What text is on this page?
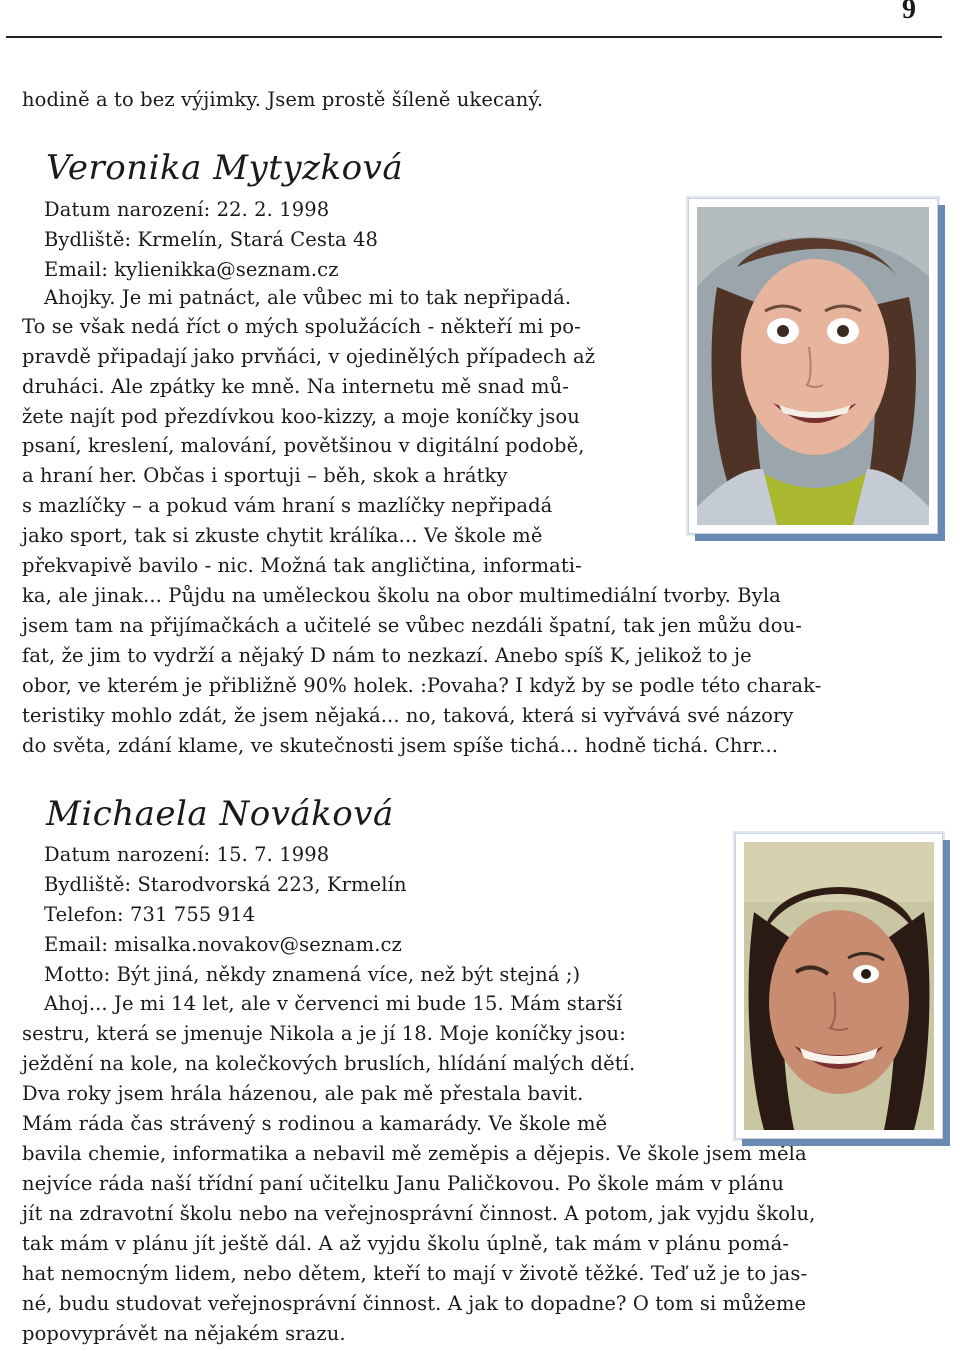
9
hodině a to bez výjimky. Jsem prostě šíleně ukecaný.
Veronika Mytyzková
Datum narození: 22. 2. 1998
Bydliště: Krmelín, Stará Cesta 48
Email: kylienikka@seznam.cz
Ahojky. Je mi patnáct, ale vůbec mi to tak nepřipadá.
To se však nedá říct o mých spolužácích - někteří mi po-
pravdě připadají jako prvňáci, v ojedinělých případech až
druháci. Ale zpátky ke mně. Na internetu mě snad mů-
žete najít pod přezdívkou koo-kizzy, a moje koníčky jsou
psaní, kreslení, malování, povětšinou v digitální podobě,
a hraní her. Občas i sportuji – běh, skok a hrátky
s mazlíčky – a pokud vám hraní s mazlíčky nepřipadá
jako sport, tak si zkuste chytit králíka... Ve škole mě
překvapivě bavilo - nic. Možná tak angličtina, informati-
ka, ale jinak... Půjdu na uměleckou školu na obor multimediální tvorby. Byla
jsem tam na přijímačkách a učitelé se vůbec nezdáli špatní, tak jen můžu dou-
fat, že jim to vydrží a nějaký D nám to nezkazí. Anebo spíš K, jelikož to je
obor, ve kterém je přibližně 90% holek. :Povaha? I když by se podle této charak-
teristiky mohlo zdát, že jsem nějaká... no, taková, která si vyřvává své názory
do světa, zdání klame, ve skutečnosti jsem spíše tichá... hodně tichá. Chrr...
Michaela Nováková
Datum narození: 15. 7. 1998
Bydliště: Starodvorská 223, Krmelín
Telefon: 731 755 914
Email: misalka.novakov@seznam.cz
Motto: Být jiná, někdy znamená více, než být stejná ;)
Ahoj... Je mi 14 let, ale v červenci mi bude 15. Mám starší
sestru, která se jmenuje Nikola a je jí 18. Moje koníčky jsou:
ježdění na kole, na kolečkových bruslích, hlídání malých dětí.
Dva roky jsem hrála házenou, ale pak mě přestala bavit.
Mám ráda čas strávený s rodinou a kamarády. Ve škole mě
bavila chemie, informatika a nebavil mě zeměpis a dějepis. Ve škole jsem měla
nejvíce ráda naší třídní paní učitelku Janu Paličkovou. Po škole mám v plánu
jít na zdravotní školu nebo na veřejnosprávní činnost. A potom, jak vyjdu školu,
tak mám v plánu jít ještě dál. A až vyjdu školu úplně, tak mám v plánu pomá-
hat nemocným lidem, nebo dětem, kteří to mají v životě těžké. Teď už je to jas-
né, budu studovat veřejnosprávní činnost. A jak to dopadne? O tom si můžeme
popovyprávět na nějakém srazu.
